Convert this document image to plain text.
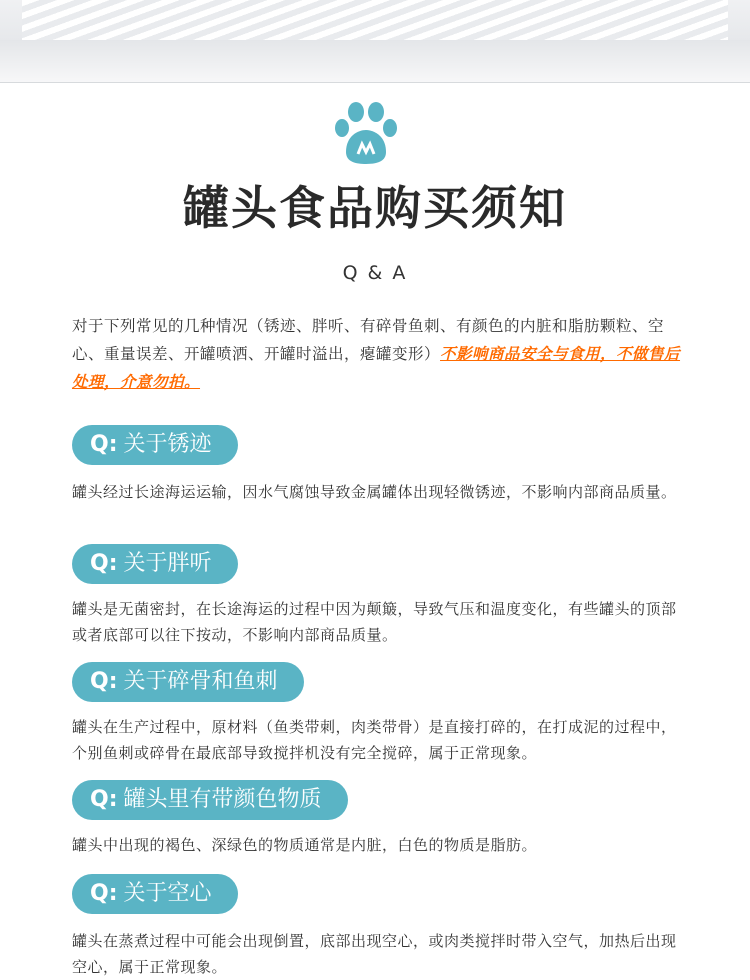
罐头食品购买须知
Q & A
对于下列常见的几种情况（锈迹、胖听、有碎骨鱼刺、有颜色的内脏和脂肪颗粒、空心、重量误差、开罐喷洒、开罐时溢出，瘪罐变形）不影响商品安全与食用，不做售后处理，介意勿拍。
Q: 关于锈迹
罐头经过长途海运运输，因水气腐蚀导致金属罐体出现轻微锈迹，不影响内部商品质量。
Q: 关于胖听
罐头是无菌密封，在长途海运的过程中因为颠簸，导致气压和温度变化，有些罐头的顶部或者底部可以往下按动，不影响内部商品质量。
Q: 关于碎骨和鱼刺
罐头在生产过程中，原材料（鱼类带刺，肉类带骨）是直接打碎的，在打成泥的过程中，个别鱼刺或碎骨在最底部导致搅拌机没有完全搅碎，属于正常现象。
Q: 罐头里有带颜色物质
罐头中出现的褐色、深绿色的物质通常是内脏，白色的物质是脂肪。
Q: 关于空心
罐头在蒸煮过程中可能会出现倒置，底部出现空心，或肉类搅拌时带入空气，加热后出现空心，属于正常现象。
